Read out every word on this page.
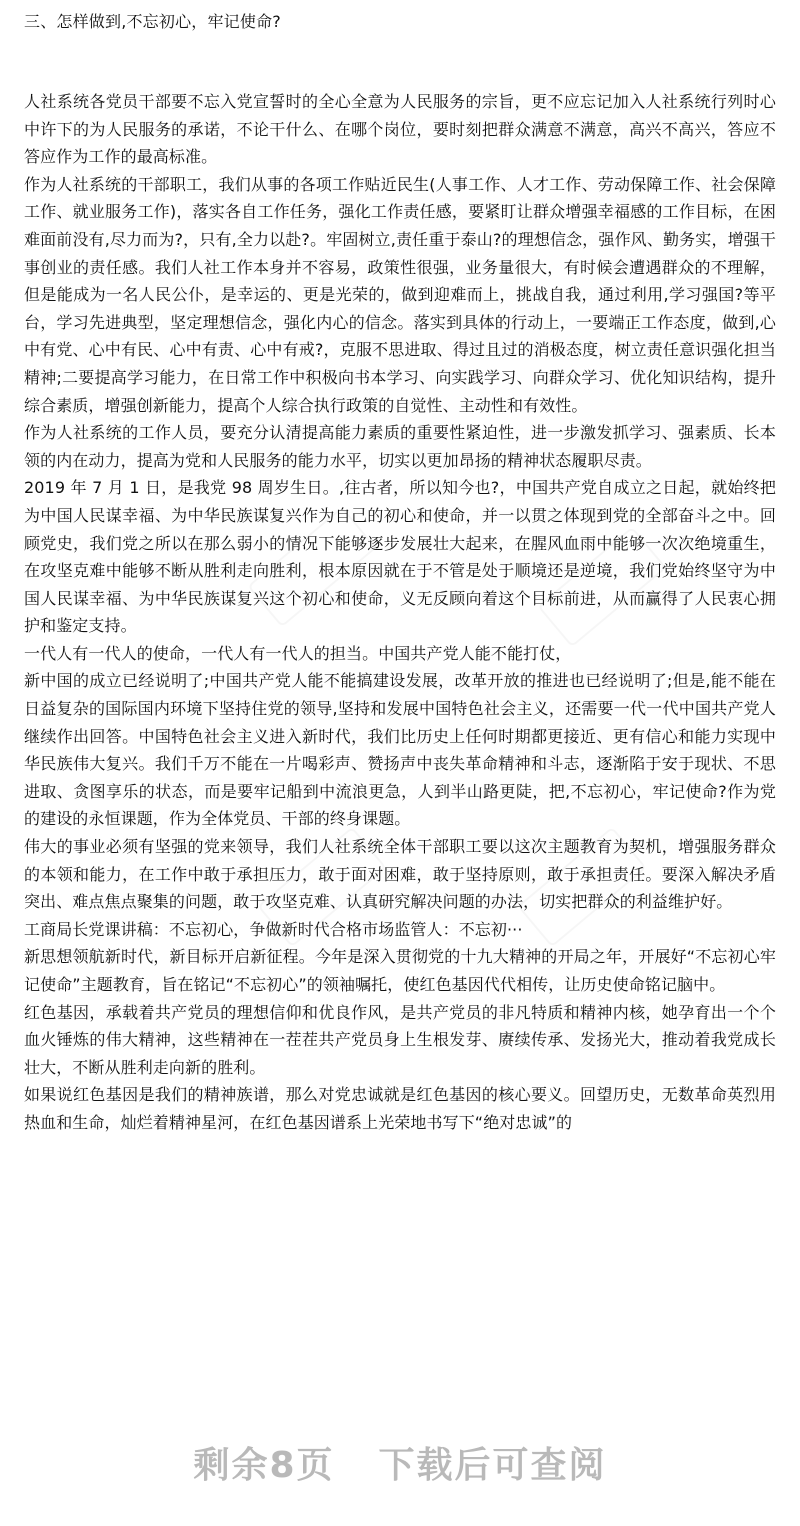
三、怎样做到,不忘初心，牢记使命?

人社系统各党员干部要不忘入党宣誓时的全心全意为人民服务的宗旨，更不应忘记加入人社系统行列时心中许下的为人民服务的承诺，不论干什么、在哪个岗位，要时刻把群众满意不满意，高兴不高兴，答应不答应作为工作的最高标准。

作为人社系统的干部职工，我们从事的各项工作贴近民生(人事工作、人才工作、劳动保障工作、社会保障工作、就业服务工作)，落实各自工作任务，强化工作责任感，要紧盯让群众增强幸福感的工作目标，在困难面前没有,尽力而为?，只有,全力以赴?。牢固树立,责任重于泰山?的理想信念，强作风、勤务实，增强干事创业的责任感。我们人社工作本身并不容易，政策性很强，业务量很大，有时候会遭遇群众的不理解，但是能成为一名人民公仆，是幸运的、更是光荣的，做到迎难而上，挑战自我，通过利用,学习强国?等平台，学习先进典型，坚定理想信念，强化内心的信念。落实到具体的行动上，一要端正工作态度，做到,心中有党、心中有民、心中有责、心中有戒?，克服不思进取、得过且过的消极态度，树立责任意识强化担当精神;二要提高学习能力，在日常工作中积极向书本学习、向实践学习、向群众学习、优化知识结构，提升综合素质，增强创新能力，提高个人综合执行政策的自觉性、主动性和有效性。

作为人社系统的工作人员，要充分认清提高能力素质的重要性紧迫性，进一步激发抓学习、强素质、长本领的内在动力，提高为党和人民服务的能力水平，切实以更加昂扬的精神状态履职尽责。

2019 年 7 月 1 日，是我党 98 周岁生日。,往古者，所以知今也?，中国共产党自成立之日起，就始终把为中国人民谋幸福、为中华民族谋复兴作为自己的初心和使命，并一以贯之体现到党的全部奋斗之中。回顾党史，我们党之所以在那么弱小的情况下能够逐步发展壮大起来，在腥风血雨中能够一次次绝境重生，在攻坚克难中能够不断从胜利走向胜利，根本原因就在于不管是处于顺境还是逆境，我们党始终坚守为中国人民谋幸福、为中华民族谋复兴这个初心和使命，义无反顾向着这个目标前进，从而赢得了人民衷心拥护和鉴定支持。

一代人有一代人的使命，一代人有一代人的担当。中国共产党人能不能打仗，

新中国的成立已经说明了;中国共产党人能不能搞建设发展，改革开放的推进也已经说明了;但是,能不能在日益复杂的国际国内环境下坚持住党的领导,坚持和发展中国特色社会主义，还需要一代一代中国共产党人继续作出回答。中国特色社会主义进入新时代，我们比历史上任何时期都更接近、更有信心和能力实现中华民族伟大复兴。我们千万不能在一片喝彩声、赞扬声中丧失革命精神和斗志，逐渐陷于安于现状、不思进取、贪图享乐的状态，而是要牢记船到中流浪更急，人到半山路更陡，把,不忘初心，牢记使命?作为党的建设的永恒课题，作为全体党员、干部的终身课题。

伟大的事业必须有坚强的党来领导，我们人社系统全体干部职工要以这次主题教育为契机，增强服务群众的本领和能力，在工作中敢于承担压力，敢于面对困难，敢于坚持原则，敢于承担责任。要深入解决矛盾突出、难点焦点聚集的问题，敢于攻坚克难、认真研究解决问题的办法，切实把群众的利益维护好。

工商局长党课讲稿：不忘初心，争做新时代合格市场监管人：不忘初···

新思想领航新时代，新目标开启新征程。今年是深入贯彻党的十九大精神的开局之年，开展好“不忘初心牢记使命”主题教育，旨在铭记“不忘初心”的领袖嘱托，使红色基因代代相传，让历史使命铭记脑中。

红色基因，承载着共产党员的理想信仰和优良作风，是共产党员的非凡特质和精神内核，她孕育出一个个血火锤炼的伟大精神，这些精神在一茬茬共产党员身上生根发芽、赓续传承、发扬光大，推动着我党成长壮大，不断从胜利走向新的胜利。

如果说红色基因是我们的精神族谱，那么对党忠诚就是红色基因的核心要义。回望历史，无数革命英烈用热血和生命，灿烂着精神星河，在红色基因谱系上光荣地书写下“绝对忠诚”的

剩余8页 下载后可查阅
